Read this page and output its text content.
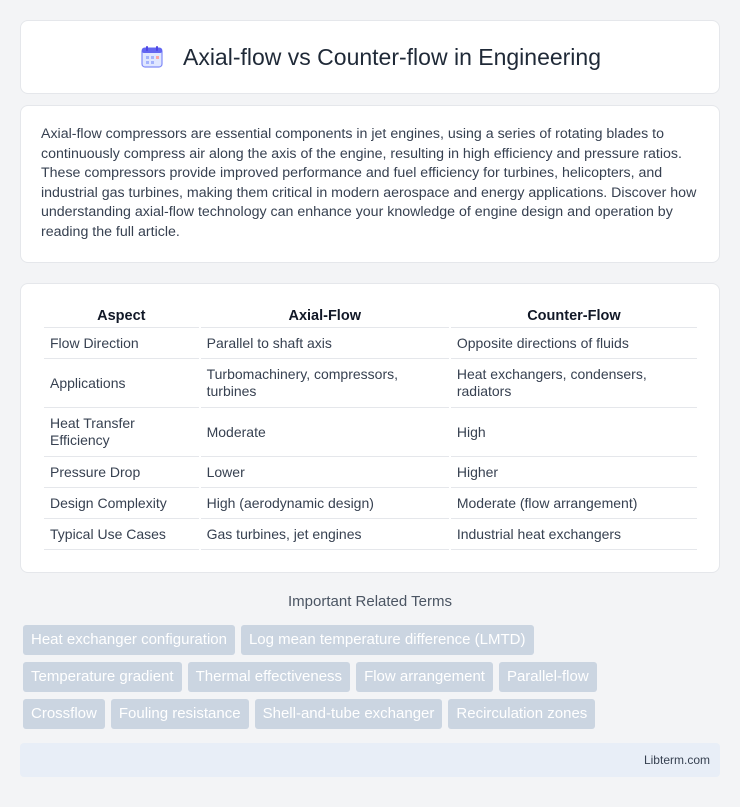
Axial-flow vs Counter-flow in Engineering

Axial-flow compressors are essential components in jet engines, using a series of rotating blades to continuously compress air along the axis of the engine, resulting in high efficiency and pressure ratios. These compressors provide improved performance and fuel efficiency for turbines, helicopters, and industrial gas turbines, making them critical in modern aerospace and energy applications. Discover how understanding axial-flow technology can enhance your knowledge of engine design and operation by reading the full article.

Aspect	Axial-Flow	Counter-Flow
Flow Direction	Parallel to shaft axis	Opposite directions of fluids
Applications	Turbomachinery, compressors, turbines	Heat exchangers, condensers, radiators
Heat Transfer Efficiency	Moderate	High
Pressure Drop	Lower	Higher
Design Complexity	High (aerodynamic design)	Moderate (flow arrangement)
Typical Use Cases	Gas turbines, jet engines	Industrial heat exchangers
Important Related Terms
Heat exchanger configuration	Log mean temperature difference (LMTD)
Temperature gradient	Thermal effectiveness	Flow arrangement	Parallel-flow
Crossflow	Fouling resistance	Shell-and-tube exchanger	Recirculation zones
Libterm.com
